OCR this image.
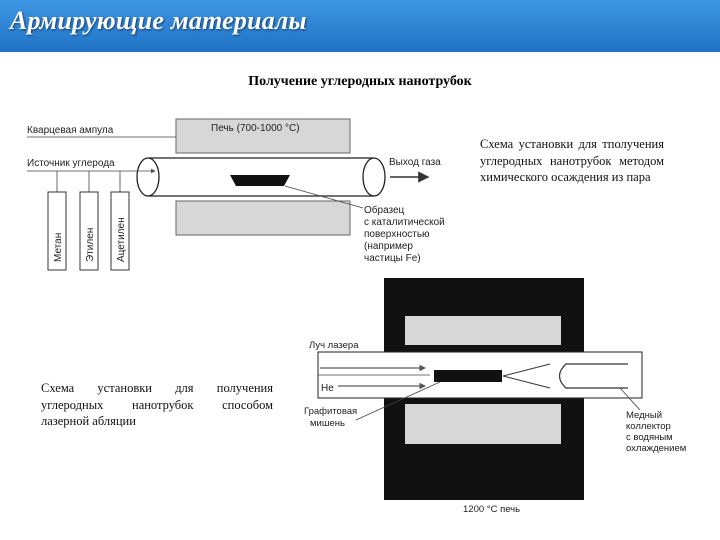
Армирующие материалы
Получение углеродных нанотрубок
Печь (700-1000 °С)
Кварцевая ампула
Источник углерода	Выход газа
Метан Этилен Ацетилен
Образец
с каталитической
поверхностью
(например
частицы Fe)
Луч лазера
He
Графитовая
мишень
Медный
коллектор
с водяным
охлаждением
1200 °С печь
Схема установки для тполучения углеродных нанотрубок методом химического осаждения из пара
Схема установки для получения углеродных нанотрубок способом лазерной абляции
